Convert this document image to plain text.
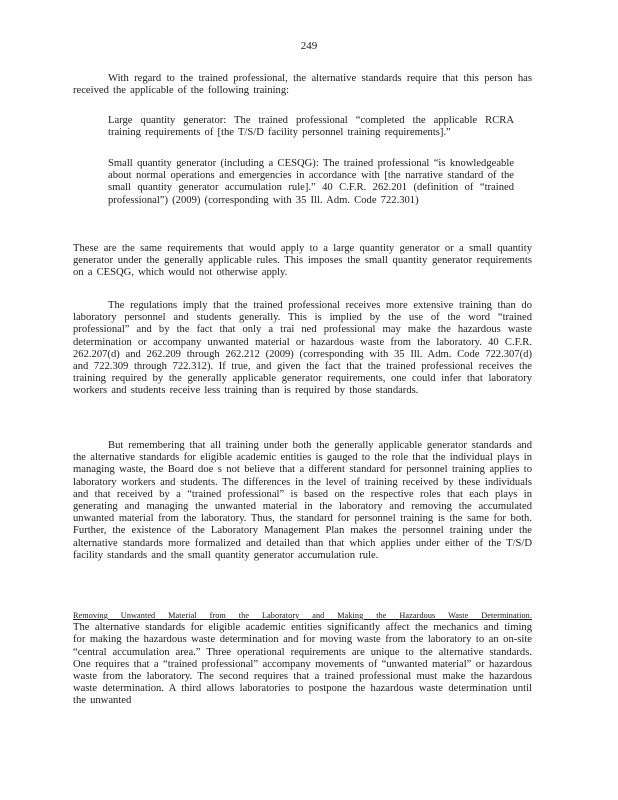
249

With regard to the trained professional, the alternative standards require that this person has received the applicable of the following training:

Large quantity generator: The trained professional “completed the applicable RCRA training requirements of [the T/S/D facility personnel training requirements].”

Small quantity generator (including a CESQG): The trained professional “is knowledgeable about normal operations and emergencies in accordance with [the narrative standard of the small quantity generator accumulation rule].” 40 C.F.R. 262.201 (definition of “trained professional”) (2009) (corresponding with 35 Ill. Adm. Code 722.301)

These are the same requirements that would apply to a large quantity generator or a small quantity generator under the generally applicable rules. This imposes the small quantity generator requirements on a CESQG, which would not otherwise apply.

The regulations imply that the trained professional receives more extensive training than do laboratory personnel and students generally. This is implied by the use of the word “trained professional” and by the fact that only a trai ned professional may make the hazardous waste determination or accompany unwanted material or hazardous waste from the laboratory. 40 C.F.R. 262.207(d) and 262.209 through 262.212 (2009) (corresponding with 35 Ill. Adm. Code 722.307(d) and 722.309 through 722.312). If true, and given the fact that the trained professional receives the training required by the generally applicable generator requirements, one could infer that laboratory workers and students receive less training than is required by those standards.

But remembering that all training under both the generally applicable generator standards and the alternative standards for eligible academic entities is gauged to the role that the individual plays in managing waste, the Board doe s not believe that a different standard for personnel training applies to laboratory workers and students. The differences in the level of training received by these individuals and that received by a “trained professional” is based on the respective roles that each plays in generating and managing the unwanted material in the laboratory and removing the accumulated unwanted material from the laboratory. Thus, the standard for personnel training is the same for both. Further, the existence of the Laboratory Management Plan makes the personnel training under the alternative standards more formalized and detailed than that which applies under either of the T/S/D facility standards and the small quantity generator accumulation rule.

Removing Unwanted Material from the Laboratory and Making the Hazardous Waste Determination. The alternative standards for eligible academic entities significantly affect the mechanics and timing for making the hazardous waste determination and for moving waste from the laboratory to an on-site “central accumulation area.” Three operational requirements are unique to the alternative standards. One requires that a “trained professional” accompany movements of “unwanted material” or hazardous waste from the laboratory. The second requires that a trained professional must make the hazardous waste determination. A third allows laboratories to postpone the hazardous waste determination until the unwanted
